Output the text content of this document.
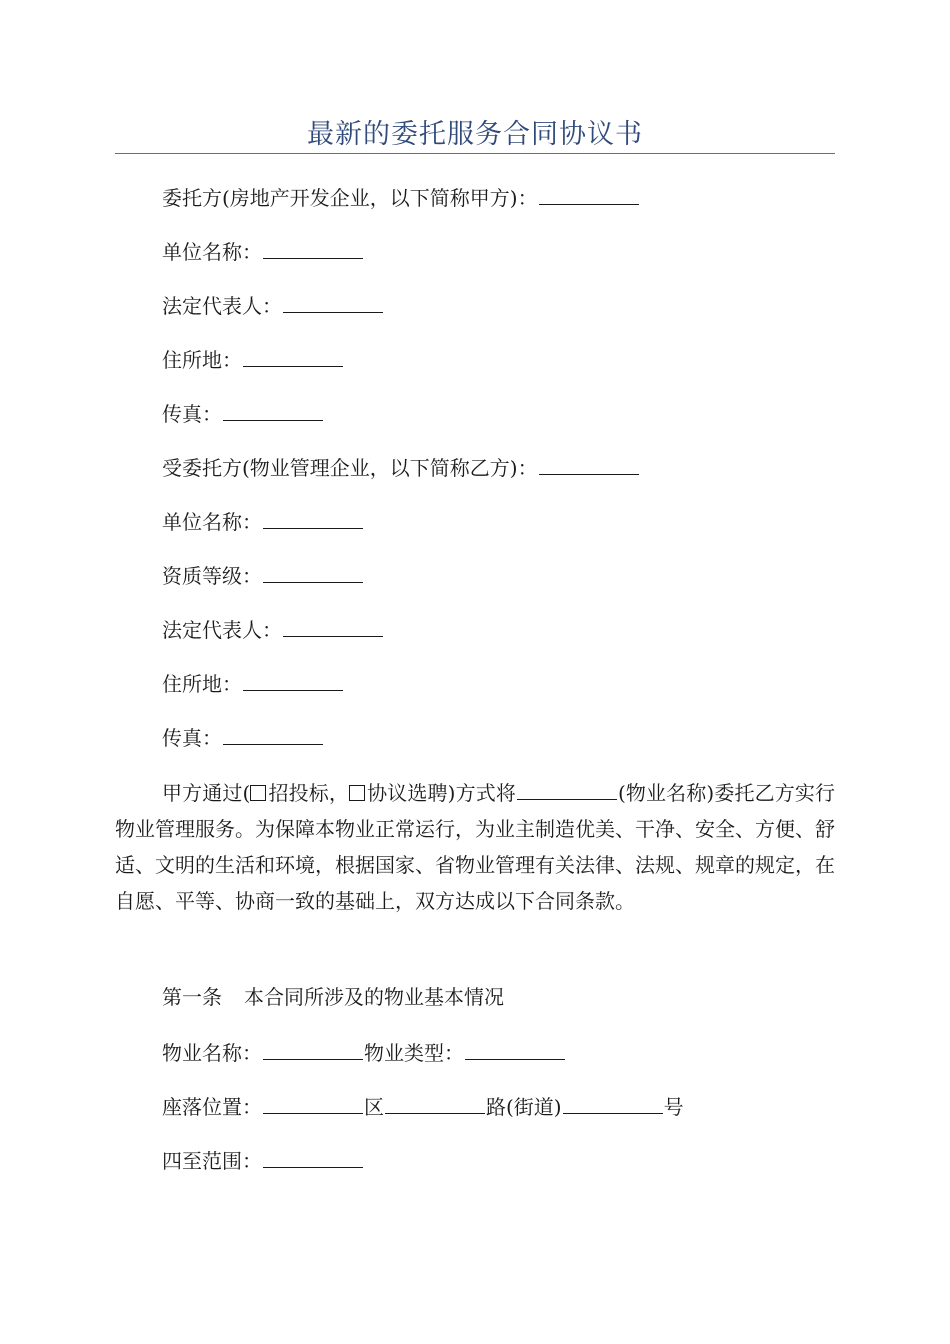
最新的委托服务合同协议书
委托方(房地产开发企业，以下简称甲方)：
单位名称：
法定代表人：
住所地：
传真：
受委托方(物业管理企业，以下简称乙方)：
单位名称：
资质等级：
法定代表人：
住所地：
传真：
甲方通过( 招投标， 协议选聘)方式将	(物业名称)委托乙方实行物业管理服务。为保障本物业正常运行，为业主制造优美、干净、安全、方便、舒适、文明的生活和环境，根据国家、省物业管理有关法律、法规、规章的规定，在自愿、平等、协商一致的基础上，双方达成以下合同条款。
第一条 本合同所涉及的物业基本情况
物业名称：	物业类型：
座落位置：	区	路(街道)	号
四至范围：
